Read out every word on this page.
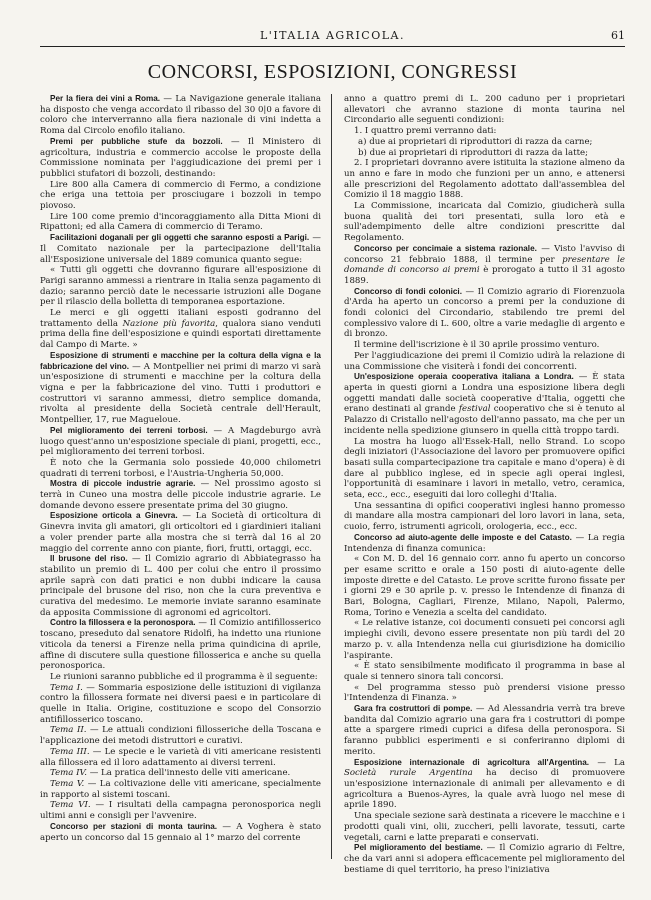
L'ITALIA AGRICOLA.	61
CONCORSI, ESPOSIZIONI, CONGRESSI

Per la fiera dei vini a Roma. — La Navigazione generale italiana ha disposto che venga accordato il ribasso del 30 0|0 a favore di coloro che interverranno alla fiera nazionale di vini indetta a Roma dal Circolo enofilo italiano.

Premi per pubbliche stufe da bozzoli. — Il Ministero di agricoltura, industria e commercio accolse le proposte della Commissione nominata per l'aggiudicazione dei premi per i pubblici stufatori di bozzoli, destinando:

Lire 800 alla Camera di commercio di Fermo, a condizione che eriga una tettoia per prosciugare i bozzoli in tempo piovoso.

Lire 100 come premio d'incoraggiamento alla Ditta Mioni di Ripattoni; ed alla Camera di commercio di Teramo.

Facilitazioni doganali per gli oggetti che saranno esposti a Parigi. — Il Comitato nazionale per la partecipazione dell'Italia all'Esposizione universale del 1889 comunica quanto segue:

« Tutti gli oggetti che dovranno figurare all'esposizione di Parigi saranno ammessi a rientrare in Italia senza pagamento di dazio; saranno perciò date le necessarie istruzioni alle Dogane per il rilascio della bolletta di temporanea esportazione.

Le merci e gli oggetti italiani esposti godranno del trattamento della Nazione più favorita, qualora siano venduti prima della fine dell'esposizione e quindi esportati direttamente dal Campo di Marte. »

Esposizione di strumenti e macchine per la coltura della vigna e la fabbricazione del vino. — A Montpellier nei primi di marzo vi sarà un'esposizione di strumenti e macchine per la coltura della vigna e per la fabbricazione del vino. Tutti i produttori e costruttori vi saranno ammessi, dietro semplice domanda, rivolta al presidente della Società centrale dell'Herault, Montpellier, 17, rue Magueloue.

Pel miglioramento dei terreni torbosi. — A Magdeburgo avrà luogo quest'anno un'esposizione speciale di piani, progetti, ecc., pel miglioramento dei terreni torbosi.

È noto che la Germania solo possiede 40,000 chilometri quadrati di terreni torbosi, e l'Austria-Ungheria 50,000.

Mostra di piccole industrie agrarie. — Nel prossimo agosto si terrà in Cuneo una mostra delle piccole industrie agrarie. Le domande devono essere presentate prima del 30 giugno.

Esposizione orticola a Ginevra. — La Società di orticoltura di Ginevra invita gli amatori, gli orticoltori ed i giardinieri italiani a voler prender parte alla mostra che si terrà dal 16 al 20 maggio del corrente anno con piante, fiori, frutti, ortaggi, ecc.

Il brusone del riso. — Il Comizio agrario di Abbiategrasso ha stabilito un premio di L. 400 per colui che entro il prossimo aprile saprà con dati pratici e non dubbi indicare la causa principale del brusone del riso, non che la cura preventiva e curativa del medesimo. Le memorie inviate saranno esaminate da apposita Commissione di agronomi ed agricoltori.

Contro la fillossera e la peronospora. — Il Comizio antifillosserico toscano, preseduto dal senatore Ridolfi, ha indetto una riunione viticola da tenersi a Firenze nella prima quindicina di aprile, affine di discutere sulla questione fillosserica e anche su quella peronosporica.

Le riunioni saranno pubbliche ed il programma è il seguente:

Tema I. — Sommaria esposizione delle istituzioni di vigilanza contro la fillossera formate nei diversi paesi e in particolare di quelle in Italia. Origine, costituzione e scopo del Consorzio antifillosserico toscano.

Tema II. — Le attuali condizioni fillosseriche della Toscana e l'applicazione dei metodi distruttori e curativi.

Tema III. — Le specie e le varietà di viti americane resistenti alla fillossera ed il loro adattamento ai diversi terreni.

Tema IV. — La pratica dell'innesto delle viti americane.

Tema V. — La coltivazione delle viti americane, specialmente in rapporto al sistemi toscani.

Tema VI. — I risultati della campagna peronosporica negli ultimi anni e consigli per l'avvenire.

Concorso per stazioni di monta taurina. — A Voghera è stato aperto un concorso dal 15 gennaio al 1° marzo del corrente

anno a quattro premi di L. 200 caduno per i proprietari allevatori che avranno stazione di monta taurina nel Circondario alle seguenti condizioni:

1. I quattro premi verranno dati:

a) due ai proprietari di riproduttori di razza da carne;

b) due ai proprietari di riproduttori di razza da latte;

2. I proprietari dovranno avere istituita la stazione almeno da un anno e fare in modo che funzioni per un anno, e attenersi alle prescrizioni del Regolamento adottato dall'assemblea del Comizio il 18 maggio 1888.

La Commissione, incaricata dal Comizio, giudicherà sulla buona qualità dei tori presentati, sulla loro età e sull'adempimento delle altre condizioni prescritte dal Regolamento.

Concorso per concimaie a sistema razionale. — Visto l'avviso di concorso 21 febbraio 1888, il termine per presentare le domande di concorso ai premi è prorogato a tutto il 31 agosto 1889.

Concorso di fondi colonici. — Il Comizio agrario di Fiorenzuola d'Arda ha aperto un concorso a premi per la conduzione di fondi colonici del Circondario, stabilendo tre premi del complessivo valore di L. 600, oltre a varie medaglie di argento e di bronzo.

Il termine dell'iscrizione è il 30 aprile prossimo venturo.

Per l'aggiudicazione dei premi il Comizio udirà la relazione di una Commissione che visiterà i fondi dei concorrenti.

Un'esposizione operaia cooperativa italiana a Londra. — È stata aperta in questi giorni a Londra una esposizione libera degli oggetti mandati dalle società cooperative d'Italia, oggetti che erano destinati al grande festival cooperativo che si è tenuto al Palazzo di Cristallo nell'agosto dell'anno passato, ma che per un incidente nella spedizione giunsero in quella città troppo tardi.

La mostra ha luogo all'Essek-Hall, nello Strand. Lo scopo degli iniziatori (l'Associazione del lavoro per promuovere opifici basati sulla compartecipazione tra capitale e mano d'opera) è di dare al pubblico inglese, ed in specie agli operai inglesi, l'opportunità di esaminare i lavori in metallo, vetro, ceramica, seta, ecc., ecc., eseguiti dai loro colleghi d'Italia.

Una sessantina di opifici cooperativi inglesi hanno promesso di mandare alla mostra campionari del loro lavori in lana, seta, cuoio, ferro, istrumenti agricoli, orologeria, ecc., ecc.

Concorso ad aiuto-agente delle imposte e del Catasto. — La regia Intendenza di finanza comunica:

« Con M. D. del 16 gennaio corr. anno fu aperto un concorso per esame scritto e orale a 150 posti di aiuto-agente delle imposte dirette e del Catasto. Le prove scritte furono fissate per i giorni 29 e 30 aprile p. v. presso le Intendenze di finanza di Bari, Bologna, Cagliari, Firenze, Milano, Napoli, Palermo, Roma, Torino e Venezia a scelta del candidato.

« Le relative istanze, coi documenti consueti pei concorsi agli impieghi civili, devono essere presentate non più tardi del 20 marzo p. v. alla Intendenza nella cui giurisdizione ha domicilio l'aspirante.

« È stato sensibilmente modificato il programma in base al quale si tennero sinora tali concorsi.

« Del programma stesso può prendersi visione presso l'Intendenza di Finanza. »

Gara fra costruttori di pompe. — Ad Alessandria verrà tra breve bandita dal Comizio agrario una gara fra i costruttori di pompe atte a spargere rimedi cuprici a difesa della peronospora. Si faranno pubblici esperimenti e si conferiranno diplomi di merito.

Esposizione internazionale di agricoltura all'Argentina. — La Società rurale Argentina ha deciso di promuovere un'esposizione internazionale di animali per allevamento e di agricoltura a Buenos-Ayres, la quale avrà luogo nel mese di aprile 1890.

Una speciale sezione sarà destinata a ricevere le macchine e i prodotti quali vini, olii, zuccheri, pelli lavorate, tessuti, carte vegetali, carni e latte preparati e conservati.

Pel miglioramento del bestiame. — Il Comizio agrario di Feltre, che da vari anni si adopera efficacemente pel miglioramento del bestiame di quel territorio, ha preso l'iniziativa
